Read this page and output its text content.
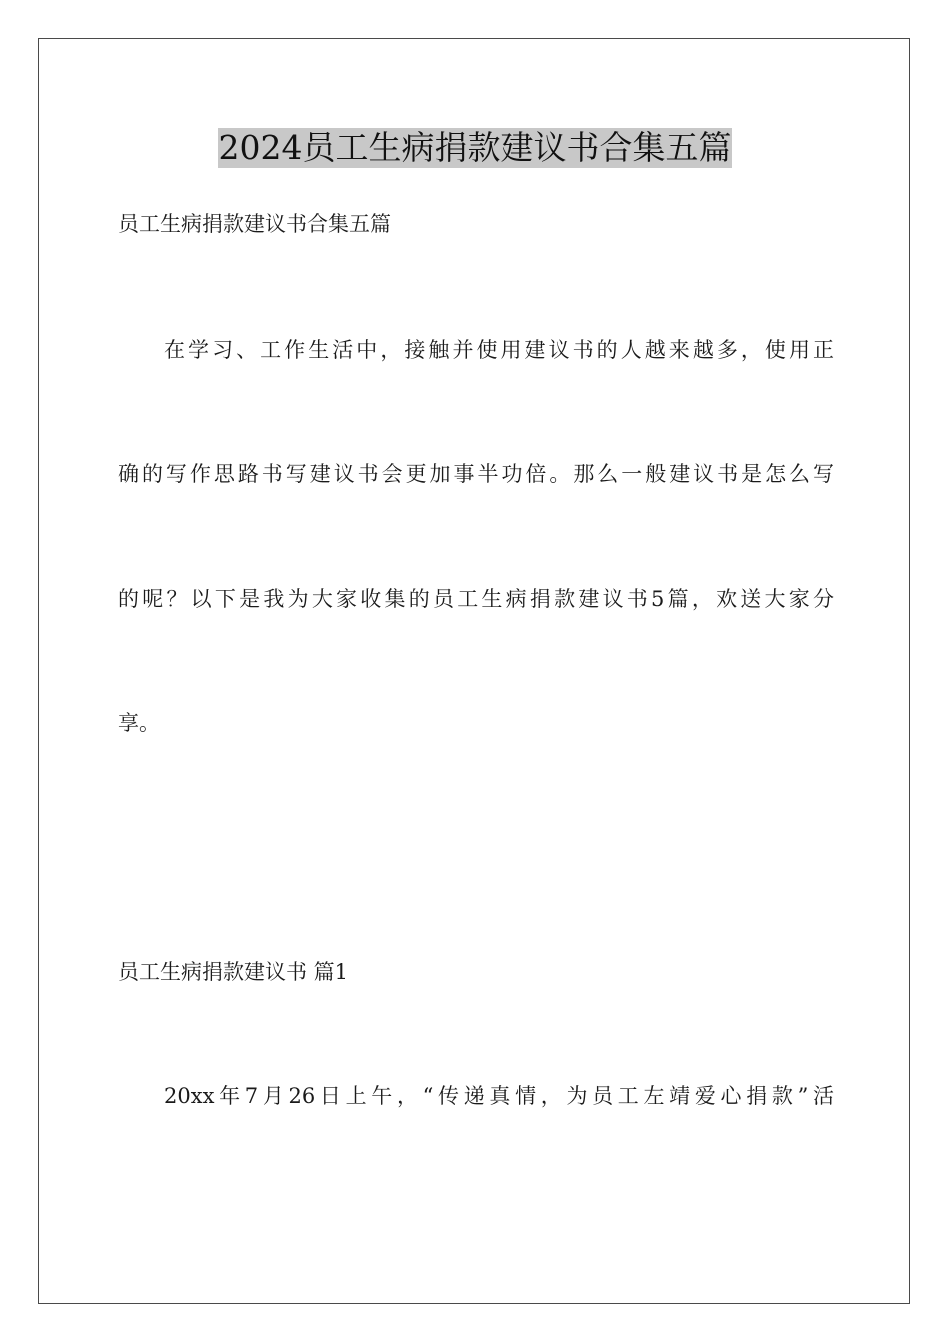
2024员工生病捐款建议书合集五篇
员工生病捐款建议书合集五篇
在学习、工作生活中，接触并使用建议书的人越来越多，使用正
确的写作思路书写建议书会更加事半功倍。那么一般建议书是怎么写
的呢？以下是我为大家收集的员工生病捐款建议书5篇，欢送大家分
享。
员工生病捐款建议书 篇1
20xx年7月26日上午，“传递真情，为员工左靖爱心捐款”活
